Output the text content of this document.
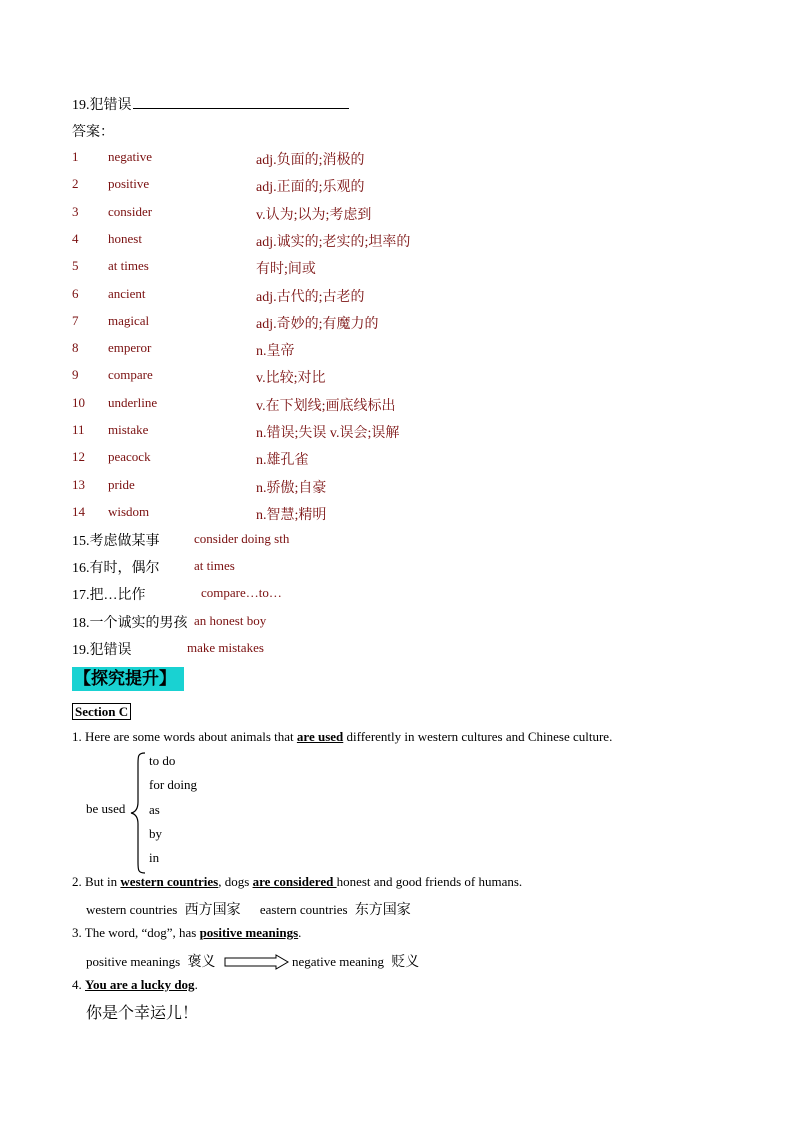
19.犯错误
答案：
1 negative	adj.负面的;消极的
2 positive	adj.正面的;乐观的
3 consider	v.认为;以为;考虑到
4 honest	adj.诚实的;老实的;坦率的
5 at times	有时;间或
6 ancient	adj.古代的;古老的
7 magical	adj.奇妙的;有魔力的
8 emperor	n.皇帝
9 compare	v.比较;对比
10 underline	v.在下划线;画底线标出
11 mistake	n.错误;失误 v.误会;误解
12 peacock	n.雄孔雀
13 pride	n.骄傲;自豪
14 wisdom	n.智慧;精明
15.考虑做某事	consider doing sth
16.有时，偶尔	at times
17.把…比作	compare…to…
18.一个诚实的男孩 an honest boy
19.犯错误	make mistakes
【探究提升】
Section C
1. Here are some words about animals that are used differently in western cultures and Chinese culture.
be used
to do
for doing
as
by
in
2. But in western countries, dogs are considered honest and good friends of humans.
western countries 西方国家 eastern countries 东方国家
3. The word, “dog”, has positive meanings.
positive meanings 褒义	negative meaning 贬义
4. You are a lucky dog.
你是个幸运儿！
